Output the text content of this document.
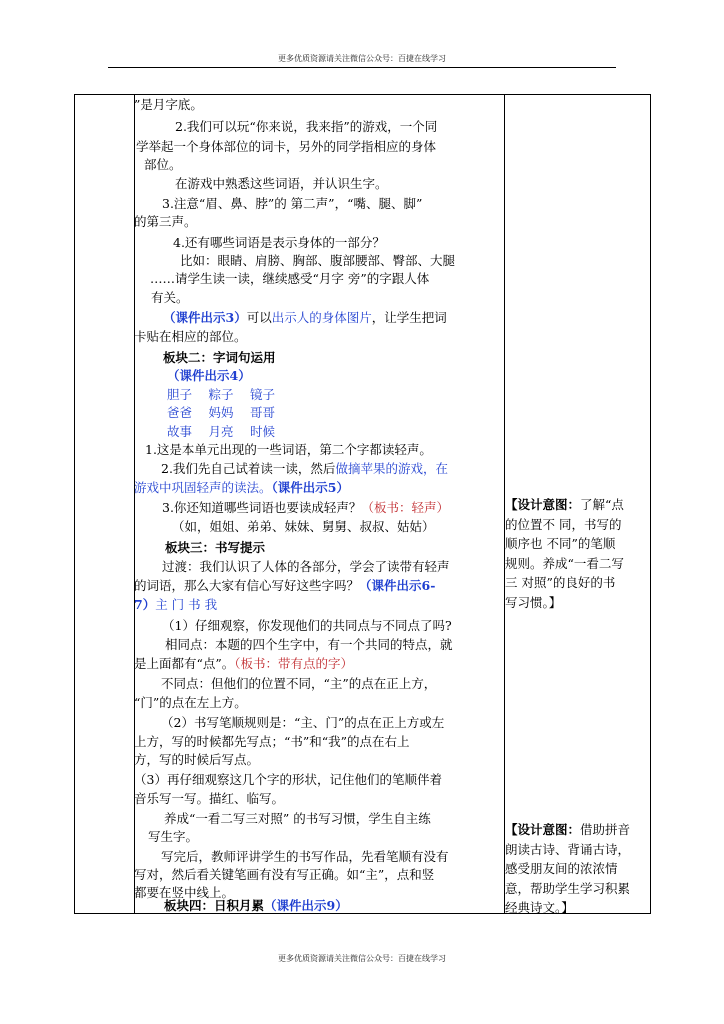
更多优质资源请关注微信公众号：百捷在线学习
”是月字底。
2.我们可以玩“你来说，我来指”的游戏，一个同
学举起一个身体部位的词卡，另外的同学指相应的身体
部位。
在游戏中熟悉这些词语，并认识生字。
3.注意“眉、鼻、脖”的 第二声”，“嘴、腿、脚”
的第三声。
4.还有哪些词语是表示身体的一部分？
比如：眼睛、肩膀、胸部、腹部腰部、臀部、大腿
……请学生读一读，继续感受“月字 旁”的字跟人体
有关。
（课件出示3）可以出示人的身体图片，让学生把词
卡贴在相应的部位。
板块二：字词句运用
（课件出示4）
胆子　 粽子　 镜子
爸爸　 妈妈　 哥哥
故事　 月亮　 时候
1.这是本单元出现的一些词语，第二个字都读轻声。
2.我们先自己试着读一读，然后做摘苹果的游戏，在
游戏中巩固轻声的读法。（课件出示5）
3.你还知道哪些词语也要读成轻声？（板书：轻声）
（如，姐姐、弟弟、妹妹、舅舅、叔叔、姑姑）
板块三：书写提示
过渡：我们认识了人体的各部分，学会了读带有轻声
的词语，那么大家有信心写好这些字吗？（课件出示6-
7）主 门 书 我
（1）仔细观察，你发现他们的共同点与不同点了吗?
相同点：本题的四个生字中，有一个共同的特点，就
是上面都有“点”。（板书：带有点的字）
不同点：但他们的位置不同，“主”的点在正上方，
“门”的点在左上方。
（2）书写笔顺规则是：“主、门”的点在正上方或左
上方，写的时候都先写点；“书”和“我”的点在右上
方，写的时候后写点。
（3）再仔细观察这几个字的形状，记住他们的笔顺伴着
音乐写一写。描红、临写。
养成“一看二写三对照” 的书写习惯，学生自主练
写生字。
写完后，教师评讲学生的书写作品，先看笔顺有没有
写对，然后看关键笔画有没有写正确。如“主”，点和竖
都要在竖中线上。
板块四：日积月累（课件出示9）
【设计意图：了解“点
的位置不 同，书写的
顺序也 不同”的笔顺
规则。养成“一看二写
三 对照”的良好的书
写习惯。】
【设计意图：借助拼音
朗读古诗、背诵古诗，
感受朋友间的浓浓情
意，帮助学生学习积累
经典诗文。】
更多优质资源请关注微信公众号：百捷在线学习
